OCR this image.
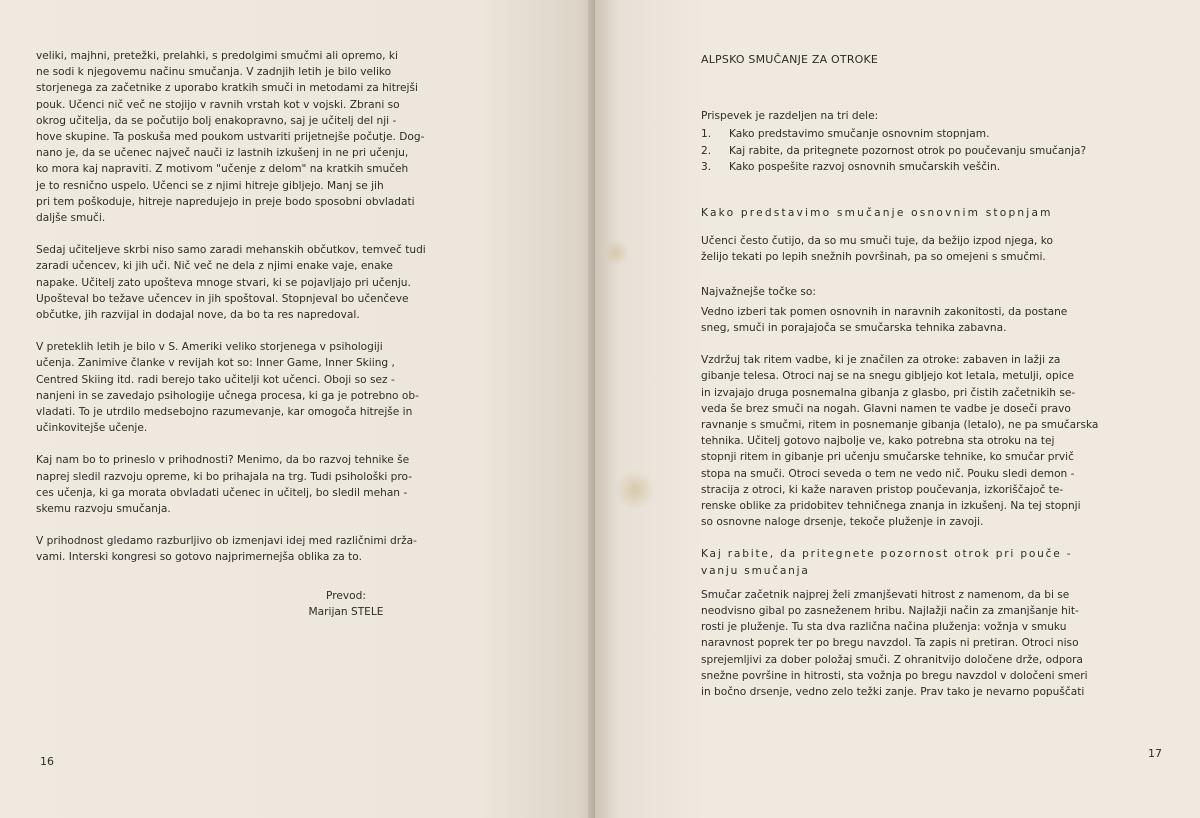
veliki, majhni, pretežki, prelahki, s predolgimi smučmi ali opremo, ki
ne sodi k njegovemu načinu smučanja. V zadnjih letih je bilo veliko
storjenega za začetnike z uporabo kratkih smuči in metodami za hitrejši
pouk. Učenci nič več ne stojijo v ravnih vrstah kot v vojski. Zbrani so
okrog učitelja, da se počutijo bolj enakopravno, saj je učitelj del nji -
hove skupine. Ta poskuša med poukom ustvariti prijetnejše počutje. Dog-
nano je, da se učenec največ nauči iz lastnih izkušenj in ne pri učenju,
ko mora kaj napraviti. Z motivom "učenje z delom" na kratkih smučeh
je to resnično uspelo. Učenci se z njimi hitreje gibljejo. Manj se jih
pri tem poškoduje, hitreje napredujejo in preje bodo sposobni obvladati
daljše smuči.

Sedaj učiteljeve skrbi niso samo zaradi mehanskih občutkov, temveč tudi
zaradi učencev, ki jih uči. Nič več ne dela z njimi enake vaje, enake
napake. Učitelj zato upošteva mnoge stvari, ki se pojavljajo pri učenju.
Upošteval bo težave učencev in jih spoštoval. Stopnjeval bo učenčeve
občutke, jih razvijal in dodajal nove, da bo ta res napredoval.

V preteklih letih je bilo v S. Ameriki veliko storjenega v psihologiji
učenja. Zanimive članke v revijah kot so: Inner Game, Inner Skiing ,
Centred Skiing itd. radi berejo tako učitelji kot učenci. Oboji so sez -
nanjeni in se zavedajo psihologije učnega procesa, ki ga je potrebno ob-
vladati. To je utrdilo medsebojno razumevanje, kar omogoča hitrejše in
učinkovitejše učenje.

Kaj nam bo to prineslo v prihodnosti? Menimo, da bo razvoj tehnike še
naprej sledil razvoju opreme, ki bo prihajala na trg. Tudi psihološki pro-
ces učenja, ki ga morata obvladati učenec in učitelj, bo sledil mehan -
skemu razvoju smučanja.

V prihodnost gledamo razburljivo ob izmenjavi idej med različnimi drža-
vami. Interski kongresi so gotovo najprimernejša oblika za to.

Prevod:
Marijan STELE
16
ALPSKO SMUČANJE ZA OTROKE

Prispevek je razdeljen na tri dele:

1.	Kako predstavimo smučanje osnovnim stopnjam.
2.	Kaj rabite, da pritegnete pozornost otrok po poučevanju smučanja?
3.	Kako pospešite razvoj osnovnih smučarskih veščin.
Kako predstavimo smučanje osnovnim stopnjam

Učenci često čutijo, da so mu smuči tuje, da bežijo izpod njega, ko
želijo tekati po lepih snežnih površinah, pa so omejeni s smučmi.

Najvažnejše točke so:

Vedno izberi tak pomen osnovnih in naravnih zakonitosti, da postane
sneg, smuči in porajajoča se smučarska tehnika zabavna.

Vzdržuj tak ritem vadbe, ki je značilen za otroke: zabaven in lažji za
gibanje telesa. Otroci naj se na snegu gibljejo kot letala, metulji, opice
in izvajajo druga posnemalna gibanja z glasbo, pri čistih začetnikih se-
veda še brez smuči na nogah. Glavni namen te vadbe je doseči pravo
ravnanje s smučmi, ritem in posnemanje gibanja (letalo), ne pa smučarska
tehnika. Učitelj gotovo najbolje ve, kako potrebna sta otroku na tej
stopnji ritem in gibanje pri učenju smučarske tehnike, ko smučar prvič
stopa na smuči. Otroci seveda o tem ne vedo nič. Pouku sledi demon -
stracija z otroci, ki kaže naraven pristop poučevanja, izkoriščajoč te-
renske oblike za pridobitev tehničnega znanja in izkušenj. Na tej stopnji
so osnovne naloge drsenje, tekoče pluženje in zavoji.

Kaj rabite, da pritegnete pozornost otrok pri pouče -
vanju smučanja

Smučar začetnik najprej želi zmanjševati hitrost z namenom, da bi se
neodvisno gibal po zasneženem hribu. Najlažji način za zmanjšanje hit-
rosti je pluženje. Tu sta dva različna načina pluženja: vožnja v smuku
naravnost poprek ter po bregu navzdol. Ta zapis ni pretiran. Otroci niso
sprejemljivi za dober položaj smuči. Z ohranitvijo določene drže, odpora
snežne površine in hitrosti, sta vožnja po bregu navzdol v določeni smeri
in bočno drsenje, vedno zelo težki zanje. Prav tako je nevarno popuščati

17
